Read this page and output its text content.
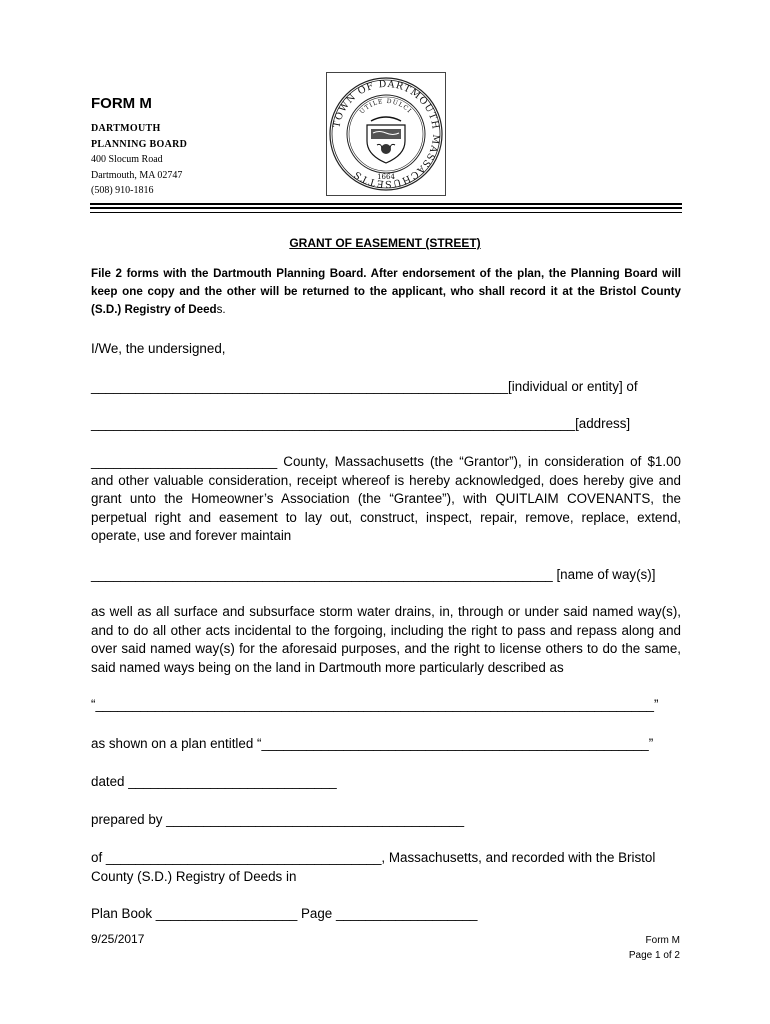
FORM M
DARTMOUTH
PLANNING BOARD
400 Slocum Road
Dartmouth, MA 02747
(508) 910-1816
TOWN OF DARTMOUTH MASSACHUSETTS
UTILE DULCI
1664
GRANT OF EASEMENT (STREET)
File 2 forms with the Dartmouth Planning Board. After endorsement of the plan, the Planning Board will keep one copy and the other will be returned to the applicant, who shall record it at the Bristol County (S.D.) Registry of Deeds.
I/We, the undersigned,
________________________________________________________[individual or entity] of
_________________________________________________________________[address]
_________________________ County, Massachusetts (the “Grantor”), in consideration of $1.00 and other valuable consideration, receipt whereof is hereby acknowledged, does hereby give and grant unto the Homeowner’s Association (the “Grantee”), with QUITLAIM COVENANTS, the perpetual right and easement to lay out, construct, inspect, repair, remove, replace, extend, operate, use and forever maintain
______________________________________________________________ [name of way(s)]
as well as all surface and subsurface storm water drains, in, through or under said named way(s), and to do all other acts incidental to the forgoing, including the right to pass and repass along and over said named way(s) for the aforesaid purposes, and the right to license others to do the same, said named ways being on the land in Dartmouth more particularly described as
“___________________________________________________________________________”
as shown on a plan entitled “____________________________________________________”
dated ____________________________
prepared by ________________________________________
of _____________________________________, Massachusetts, and recorded with the Bristol
County (S.D.) Registry of Deeds in
Plan Book ___________________ Page ___________________
9/25/2017	Form M
Page 1 of 2
